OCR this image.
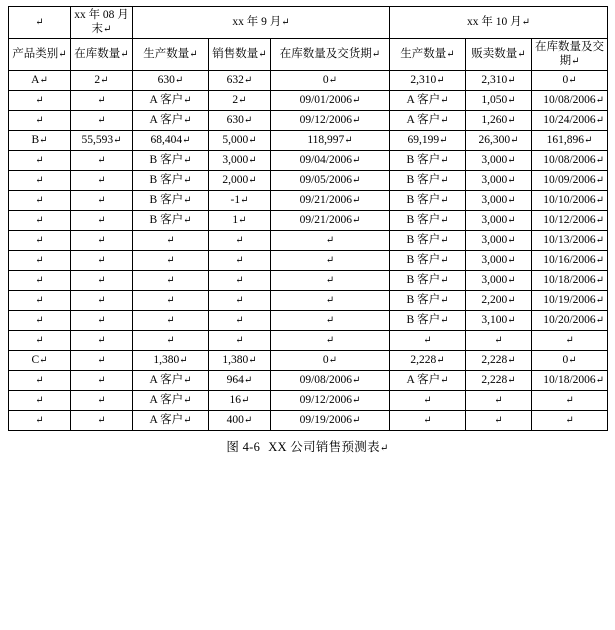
↵	xx 年 08 月末↵	xx 年 9 月↵			xx 年 10 月↵		
产品类别↵	在库数量↵	生产数量↵	销售数量↵	在库数量及交货期↵	生产数量↵	贩卖数量↵	在库数量及交期↵

A↵	2↵	630↵	632↵	0↵	2,310↵	2,310↵	0↵

↵	↵	A 客户↵	2↵	09/01/2006↵	A 客户↵	1,050↵	10/08/2006↵

↵	↵	A 客户↵	630↵	09/12/2006↵	A 客户↵	1,260↵	10/24/2006↵

B↵	55,593↵	68,404↵	5,000↵	118,997↵	69,199↵	26,300↵	161,896↵

↵	↵	B 客户↵	3,000↵	09/04/2006↵	B 客户↵	3,000↵	10/08/2006↵

↵	↵	B 客户↵	2,000↵	09/05/2006↵	B 客户↵	3,000↵	10/09/2006↵

↵	↵	B 客户↵	-1↵	09/21/2006↵	B 客户↵	3,000↵	10/10/2006↵

↵	↵	B 客户↵	1↵	09/21/2006↵	B 客户↵	3,000↵	10/12/2006↵

↵	↵	↵	↵	↵	B 客户↵	3,000↵	10/13/2006↵

↵	↵	↵	↵	↵	B 客户↵	3,000↵	10/16/2006↵

↵	↵	↵	↵	↵	B 客户↵	3,000↵	10/18/2006↵

↵	↵	↵	↵	↵	B 客户↵	2,200↵	10/19/2006↵

↵	↵	↵	↵	↵	B 客户↵	3,100↵	10/20/2006↵

↵	↵	↵	↵	↵	↵	↵	↵

C↵	↵	1,380↵	1,380↵	0↵	2,228↵	2,228↵	0↵

↵	↵	A 客户↵	964↵	09/08/2006↵	A 客户↵	2,228↵	10/18/2006↵

↵	↵	A 客户↵	16↵	09/12/2006↵	↵	↵	↵

↵	↵	A 客户↵	400↵	09/19/2006↵	↵	↵	↵
图 4-6 XX 公司销售预测表↵
